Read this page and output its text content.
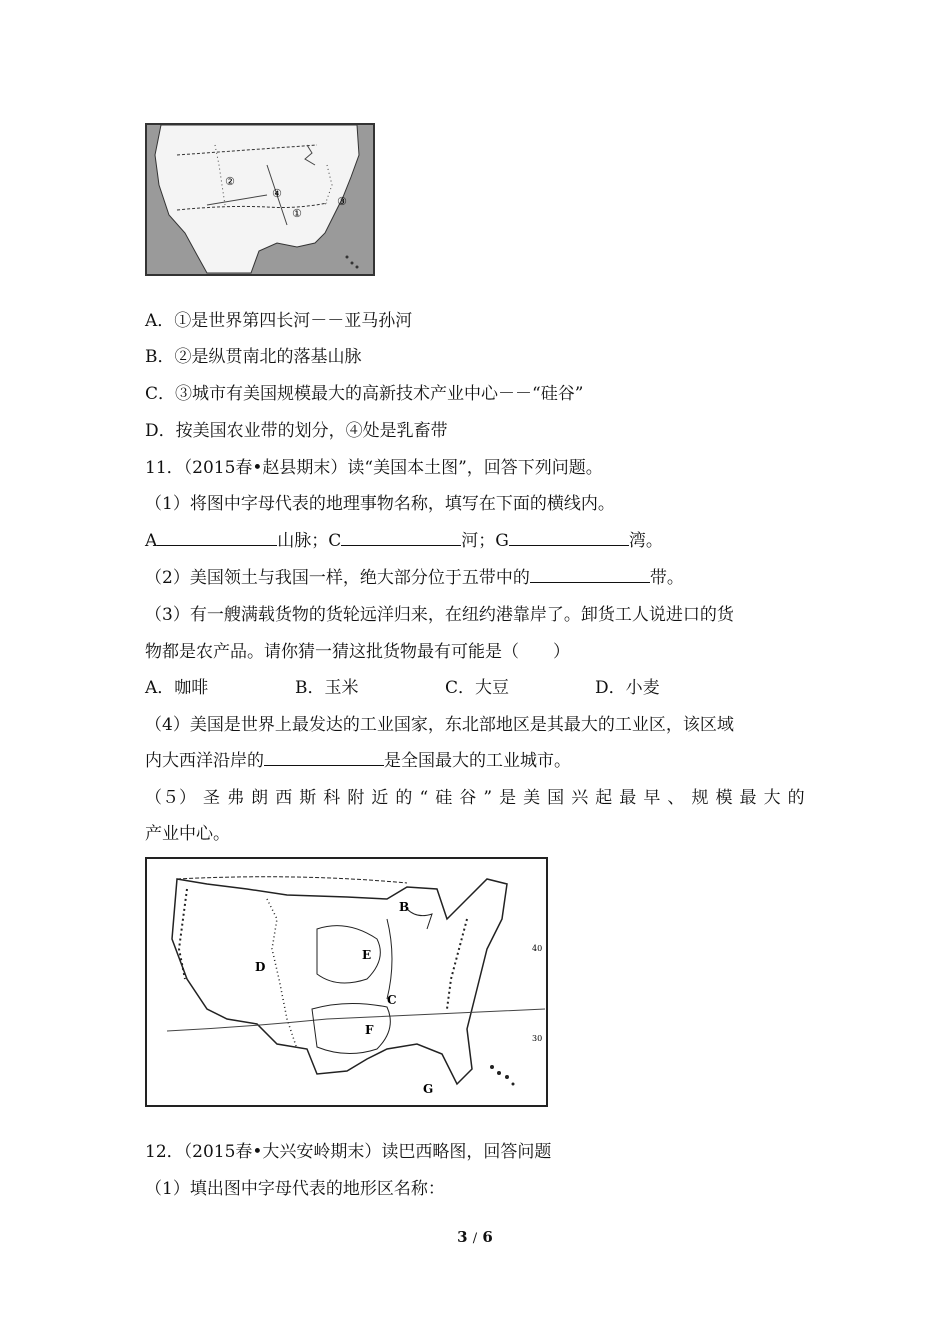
②
④
①
③
A．①是世界第四长河－－亚马孙河
B．②是纵贯南北的落基山脉
C．③城市有美国规模最大的高新技术产业中心－－“硅谷”
D．按美国农业带的划分，④处是乳畜带
11．（2015春•赵县期末）读“美国本土图”，回答下列问题。
（1）将图中字母代表的地理事物名称，填写在下面的横线内。
A	山脉；C	河；G	湾。
（2）美国领土与我国一样，绝大部分位于五带中的	带。
（3）有一艘满载货物的货轮远洋归来，在纽约港靠岸了。卸货工人说进口的货
物都是农产品。请你猜一猜这批货物最有可能是（　　）
A．咖啡	B．玉米	C．大豆	D．小麦
（4）美国是世界上最发达的工业国家，东北部地区是其最大的工业区，该区域
内大西洋沿岸的	是全国最大的工业城市。
（５） 圣 弗 朗 西 斯 科 附 近 的 “ 硅 谷 ” 是 美 国 兴 起 最 早 、 规 模 最 大 的
产业中心。
B
D
E
C
F
G
40
30
12．（2015春•大兴安岭期末）读巴西略图，回答问题
（1）填出图中字母代表的地形区名称：
3 / 6
